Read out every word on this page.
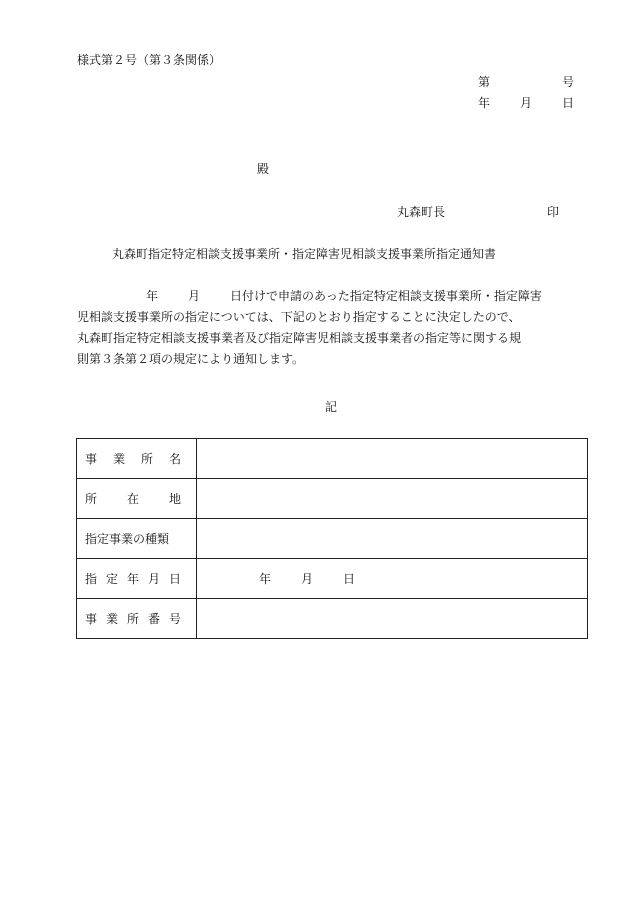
様式第２号（第３条関係）
第	号
年 月 日
殿
丸森町長	印
丸森町指定特定相談支援事業所・指定障害児相談支援事業所指定通知書
年 月 日付けで申請のあった指定特定相談支援事業所・指定障害
児相談支援事業所の指定については、下記のとおり指定することに決定したので、
丸森町指定特定相談支援事業者及び指定障害児相談支援事業者の指定等に関する規
則第３条第２項の規定により通知します。
記
事 業 所 名	

所 在 地	

指定事業の種類	

指 定 年 月 日	年 月 日

事 業 所 番 号	
